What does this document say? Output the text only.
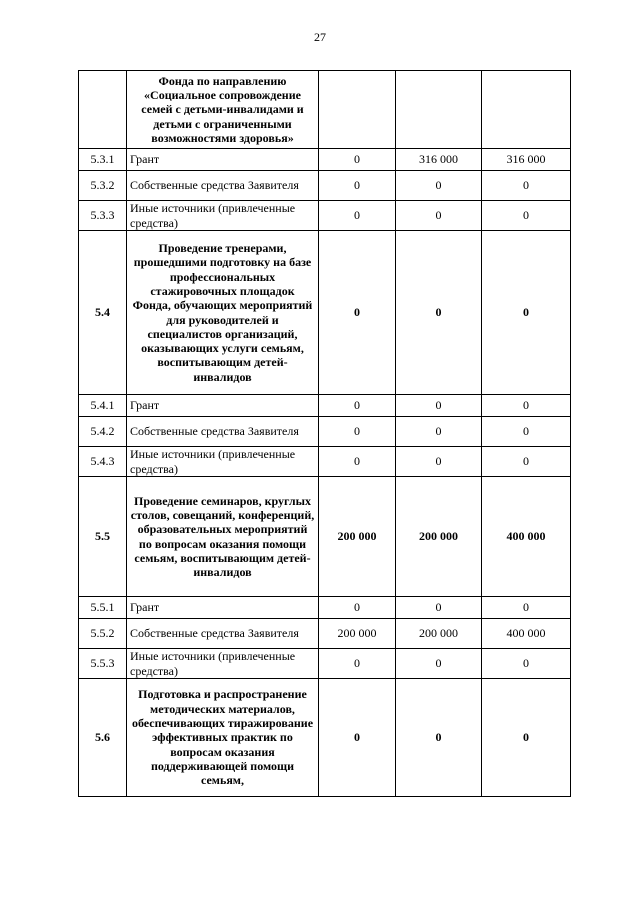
27
	Фонда по направлению «Социальное сопровождение семей с детьми-инвалидами и детьми с ограниченными возможностями здоровья»			
5.3.1	Грант	0	316 000	316 000
5.3.2	Собственные средства Заявителя	0	0	0
5.3.3	Иные источники (привлеченные средства)	0	0	0
5.4	Проведение тренерами, прошедшими подготовку на базе профессиональных стажировочных площадок Фонда, обучающих мероприятий для руководителей и специалистов организаций, оказывающих услуги семьям, воспитывающим детей-инвалидов	0	0	0
5.4.1	Грант	0	0	0
5.4.2	Собственные средства Заявителя	0	0	0
5.4.3	Иные источники (привлеченные средства)	0	0	0
5.5	Проведение семинаров, круглых столов, совещаний, конференций, образовательных мероприятий по вопросам оказания помощи семьям, воспитывающим детей-инвалидов	200 000	200 000	400 000
5.5.1	Грант	0	0	0
5.5.2	Собственные средства Заявителя	200 000	200 000	400 000
5.5.3	Иные источники (привлеченные средства)	0	0	0
5.6	Подготовка и распространение методических материалов, обеспечивающих тиражирование эффективных практик по вопросам оказания поддерживающей помощи семьям,	0	0	0
